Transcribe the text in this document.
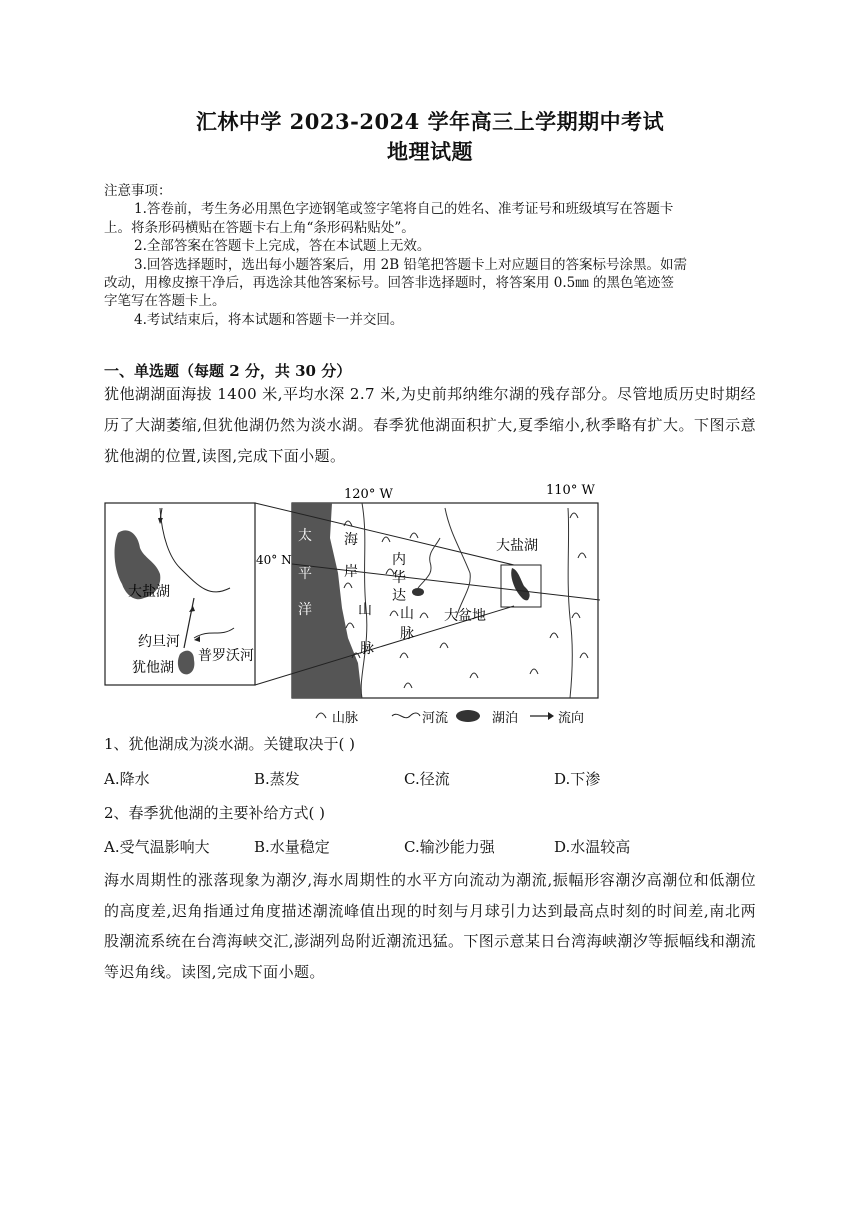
汇林中学 2023-2024 学年高三上学期期中考试
地理试题
注意事项：
1.答卷前，考生务必用黑色字迹钢笔或签字笔将自己的姓名、准考证号和班级填写在答题卡
上。将条形码横贴在答题卡右上角“条形码粘贴处”。
2.全部答案在答题卡上完成，答在本试题上无效。
3.回答选择题时，选出每小题答案后，用 2B 铅笔把答题卡上对应题目的答案标号涂黑。如需
改动，用橡皮擦干净后，再选涂其他答案标号。回答非选择题时，将答案用 0.5㎜ 的黑色笔迹签
字笔写在答题卡上。
4.考试结束后，将本试题和答题卡一并交回。
一、单选题（每题 2 分，共 30 分）
犹他湖湖面海拔 1400 米,平均水深 2.7 米,为史前邦纳维尔湖的残存部分。尽管地质历史时期经历了大湖萎缩,但犹他湖仍然为淡水湖。春季犹他湖面积扩大,夏季缩小,秋季略有扩大。下图示意犹他湖的位置,读图,完成下面小题。
120° W	110° W
40° N
太
平
洋
海
岸
山
脉
内
华
达
山
脉
大盐湖
大盆地
大盐湖
约旦河
犹他湖
普罗沃河
山脉	河流	湖泊	流向
1、犹他湖成为淡水湖。关键取决于( )
A.降水	B.蒸发	C.径流	D.下渗
2、春季犹他湖的主要补给方式( )
A.受气温影响大	B.水量稳定	C.输沙能力强	D.水温较高
海水周期性的涨落现象为潮汐,海水周期性的水平方向流动为潮流,振幅形容潮汐高潮位和低潮位的高度差,迟角指通过角度描述潮流峰值出现的时刻与月球引力达到最高点时刻的时间差,南北两股潮流系统在台湾海峡交汇,澎湖列岛附近潮流迅猛。下图示意某日台湾海峡潮汐等振幅线和潮流等迟角线。读图,完成下面小题。
